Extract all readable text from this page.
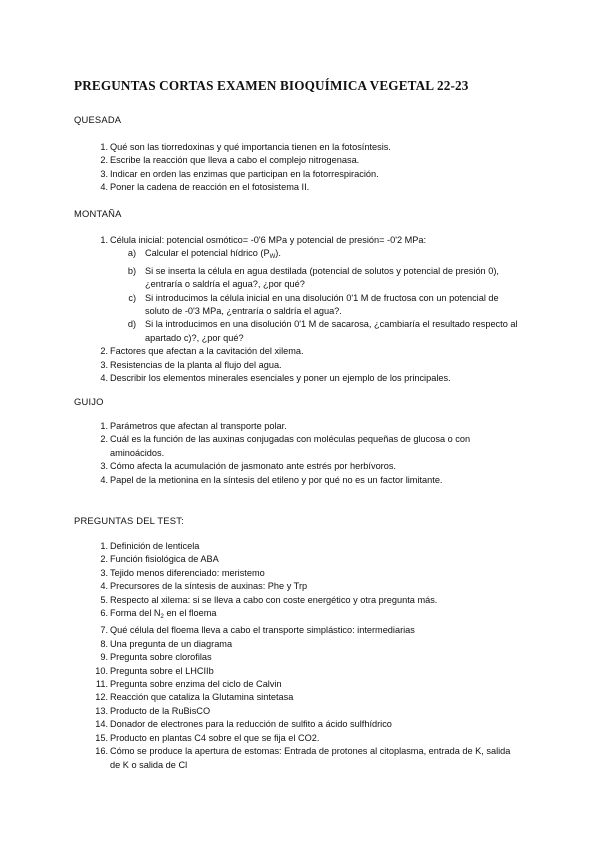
PREGUNTAS CORTAS EXAMEN BIOQUÍMICA VEGETAL 22-23
QUESADA
1. Qué son las tiorredoxinas y qué importancia tienen en la fotosíntesis.
2. Escribe la reacción que lleva a cabo el complejo nitrogenasa.
3. Indicar en orden las enzimas que participan en la fotorrespiración.
4. Poner la cadena de reacción en el fotosistema II.
MONTAÑA
1. Célula inicial: potencial osmótico= -0'6 MPa y potencial de presión= -0'2 MPa:
a) Calcular el potencial hídrico $(P_W)$.
b) Si se inserta la célula en agua destilada (potencial de solutos y potencial de presión 0), ¿entraría o saldría el agua?, ¿por qué?
c) Si introducimos la célula inicial en una disolución 0'1 M de fructosa con un potencial de soluto de -0'3 MPa, ¿entraría o saldría el agua?.
d) Si la introducimos en una disolución 0'1 M de sacarosa, ¿cambiaría el resultado respecto al apartado c)?, ¿por qué?
2. Factores que afectan a la cavitación del xilema.
3. Resistencias de la planta al flujo del agua.
4. Describir los elementos minerales esenciales y poner un ejemplo de los principales.
GUIJO
1. Parámetros que afectan al transporte polar.
2. Cuál es la función de las auxinas conjugadas con moléculas pequeñas de glucosa o con aminoácidos.
3. Cómo afecta la acumulación de jasmonato ante estrés por herbívoros.
4. Papel de la metionina en la síntesis del etileno y por qué no es un factor limitante.
PREGUNTAS DEL TEST:
1. Definición de lenticela
2. Función fisiológica de ABA
3. Tejido menos diferenciado: meristemo
4. Precursores de la síntesis de auxinas: Phe y Trp
5. Respecto al xilema: si se lleva a cabo con coste energético y otra pregunta más.
6. Forma del $N_2$ en el floema
7. Qué célula del floema lleva a cabo el transporte simplástico: intermediarias
8. Una pregunta de un diagrama
9. Pregunta sobre clorofilas
10. Pregunta sobre el LHCIIb
11. Pregunta sobre enzima del ciclo de Calvin
12. Reacción que cataliza la Glutamina sintetasa
13. Producto de la RuBisCO
14. Donador de electrones para la reducción de sulfito a ácido sulfhídrico
15. Producto en plantas C4 sobre el que se fija el CO2.
16. Cómo se produce la apertura de estomas: Entrada de protones al citoplasma, entrada de K, salida de K o salida de Cl
